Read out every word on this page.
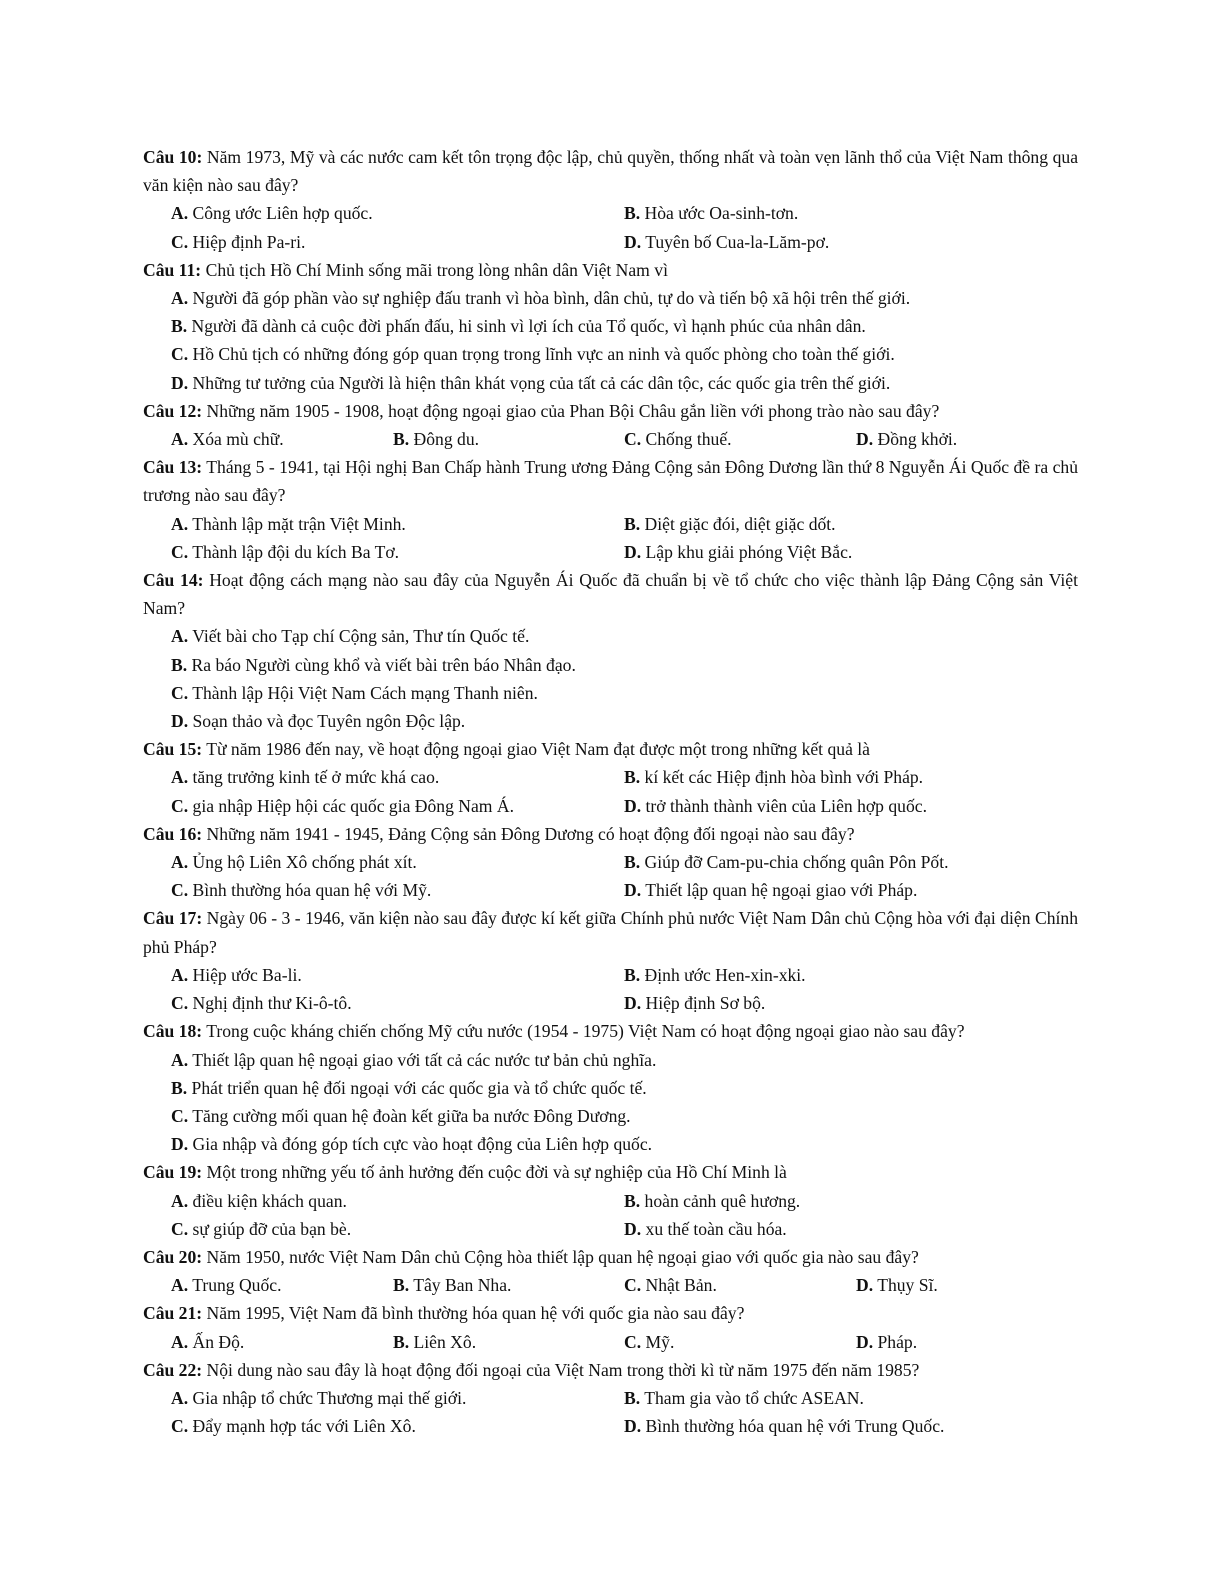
Câu 10: Năm 1973, Mỹ và các nước cam kết tôn trọng độc lập, chủ quyền, thống nhất và toàn vẹn lãnh thổ của Việt Nam thông qua văn kiện nào sau đây?

A. Công ước Liên hợp quốc.	B. Hòa ước Oa-sinh-tơn.
C. Hiệp định Pa-ri.	D. Tuyên bố Cua-la-Lăm-pơ.

Câu 11: Chủ tịch Hồ Chí Minh sống mãi trong lòng nhân dân Việt Nam vì

A. Người đã góp phần vào sự nghiệp đấu tranh vì hòa bình, dân chủ, tự do và tiến bộ xã hội trên thế giới.
B. Người đã dành cả cuộc đời phấn đấu, hi sinh vì lợi ích của Tổ quốc, vì hạnh phúc của nhân dân.
C. Hồ Chủ tịch có những đóng góp quan trọng trong lĩnh vực an ninh và quốc phòng cho toàn thế giới.
D. Những tư tưởng của Người là hiện thân khát vọng của tất cả các dân tộc, các quốc gia trên thế giới.

Câu 12: Những năm 1905 - 1908, hoạt động ngoại giao của Phan Bội Châu gắn liền với phong trào nào sau đây?

A. Xóa mù chữ.	B. Đông du.	C. Chống thuế.	D. Đồng khởi.

Câu 13: Tháng 5 - 1941, tại Hội nghị Ban Chấp hành Trung ương Đảng Cộng sản Đông Dương lần thứ 8 Nguyễn Ái Quốc đề ra chủ trương nào sau đây?

A. Thành lập mặt trận Việt Minh.	B. Diệt giặc đói, diệt giặc dốt.
C. Thành lập đội du kích Ba Tơ.	D. Lập khu giải phóng Việt Bắc.

Câu 14: Hoạt động cách mạng nào sau đây của Nguyễn Ái Quốc đã chuẩn bị về tổ chức cho việc thành lập Đảng Cộng sản Việt Nam?

A. Viết bài cho Tạp chí Cộng sản, Thư tín Quốc tế.
B. Ra báo Người cùng khổ và viết bài trên báo Nhân đạo.
C. Thành lập Hội Việt Nam Cách mạng Thanh niên.
D. Soạn thảo và đọc Tuyên ngôn Độc lập.

Câu 15: Từ năm 1986 đến nay, về hoạt động ngoại giao Việt Nam đạt được một trong những kết quả là

A. tăng trưởng kinh tế ở mức khá cao.	B. kí kết các Hiệp định hòa bình với Pháp.
C. gia nhập Hiệp hội các quốc gia Đông Nam Á.	D. trở thành thành viên của Liên hợp quốc.

Câu 16: Những năm 1941 - 1945, Đảng Cộng sản Đông Dương có hoạt động đối ngoại nào sau đây?

A. Ủng hộ Liên Xô chống phát xít.	B. Giúp đỡ Cam-pu-chia chống quân Pôn Pốt.
C. Bình thường hóa quan hệ với Mỹ.	D. Thiết lập quan hệ ngoại giao với Pháp.

Câu 17: Ngày 06 - 3 - 1946, văn kiện nào sau đây được kí kết giữa Chính phủ nước Việt Nam Dân chủ Cộng hòa với đại diện Chính phủ Pháp?

A. Hiệp ước Ba-li.	B. Định ước Hen-xin-xki.
C. Nghị định thư Ki-ô-tô.	D. Hiệp định Sơ bộ.

Câu 18: Trong cuộc kháng chiến chống Mỹ cứu nước (1954 - 1975) Việt Nam có hoạt động ngoại giao nào sau đây?

A. Thiết lập quan hệ ngoại giao với tất cả các nước tư bản chủ nghĩa.
B. Phát triển quan hệ đối ngoại với các quốc gia và tổ chức quốc tế.
C. Tăng cường mối quan hệ đoàn kết giữa ba nước Đông Dương.
D. Gia nhập và đóng góp tích cực vào hoạt động của Liên hợp quốc.

Câu 19: Một trong những yếu tố ảnh hưởng đến cuộc đời và sự nghiệp của Hồ Chí Minh là

A. điều kiện khách quan.	B. hoàn cảnh quê hương.
C. sự giúp đỡ của bạn bè.	D. xu thế toàn cầu hóa.

Câu 20: Năm 1950, nước Việt Nam Dân chủ Cộng hòa thiết lập quan hệ ngoại giao với quốc gia nào sau đây?

A. Trung Quốc.	B. Tây Ban Nha.	C. Nhật Bản.	D. Thụy Sĩ.

Câu 21: Năm 1995, Việt Nam đã bình thường hóa quan hệ với quốc gia nào sau đây?

A. Ấn Độ.	B. Liên Xô.	C. Mỹ.	D. Pháp.

Câu 22: Nội dung nào sau đây là hoạt động đối ngoại của Việt Nam trong thời kì từ năm 1975 đến năm 1985?

A. Gia nhập tổ chức Thương mại thế giới.	B. Tham gia vào tổ chức ASEAN.
C. Đẩy mạnh hợp tác với Liên Xô.	D. Bình thường hóa quan hệ với Trung Quốc.
